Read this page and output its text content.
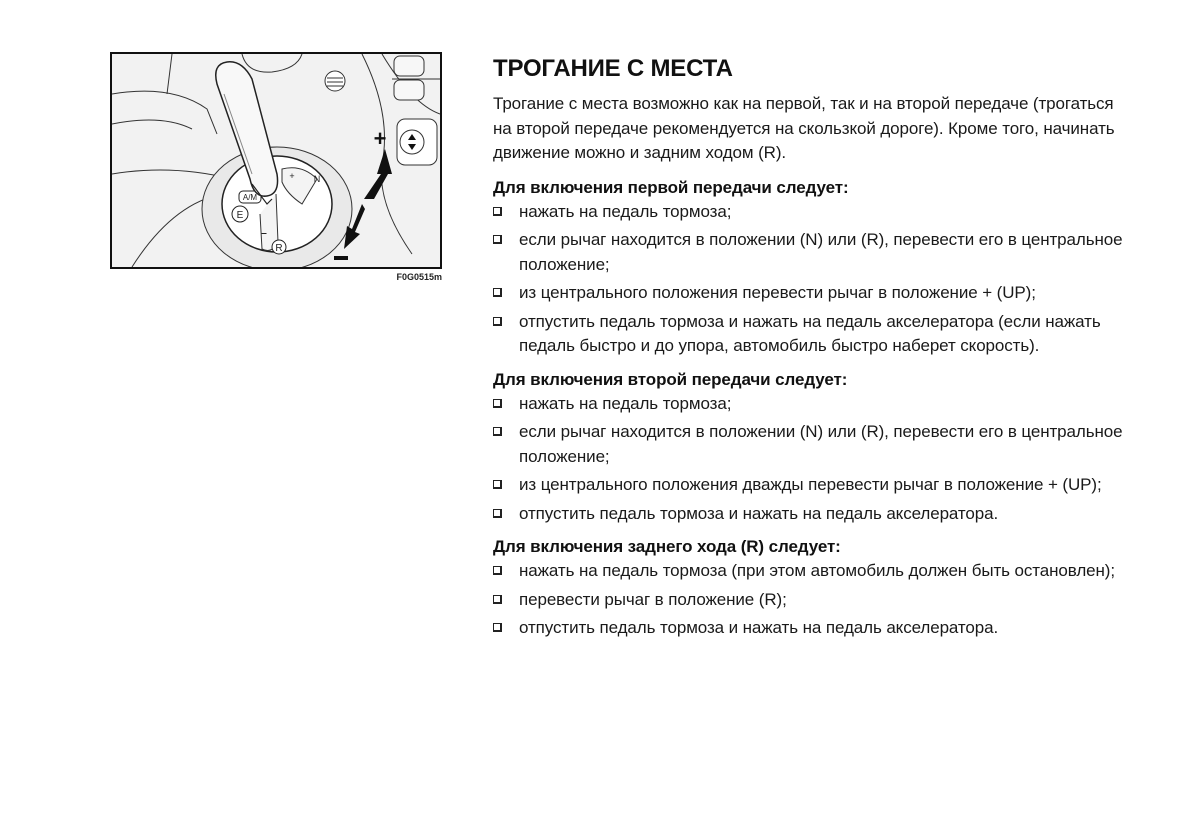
E
A/M
+ N
–
R
+
F0G0515m
ТРОГАНИЕ С МЕСТА

Трогание с места возможно как на первой, так и на второй передаче (трогаться на второй передаче рекомендуется на скользкой дороге). Кроме того, начинать движение можно и задним ходом (R).

Для включения первой передачи следует:

нажать на педаль тормоза;
если рычаг находится в положении (N) или (R), перевести его в центральное положение;
из центрального положения перевести рычаг в положение + (UP);
отпустить педаль тормоза и нажать на педаль акселератора (если нажать педаль быстро и до упора, автомобиль быстро наберет скорость).

Для включения второй передачи следует:

нажать на педаль тормоза;
если рычаг находится в положении (N) или (R), перевести его в центральное положение;
из центрального положения дважды перевести рычаг в положение + (UP);
отпустить педаль тормоза и нажать на педаль акселератора.

Для включения заднего хода (R) следует:

нажать на педаль тормоза (при этом автомобиль должен быть остановлен);
перевести рычаг в положение (R);
отпустить педаль тормоза и нажать на педаль акселератора.
